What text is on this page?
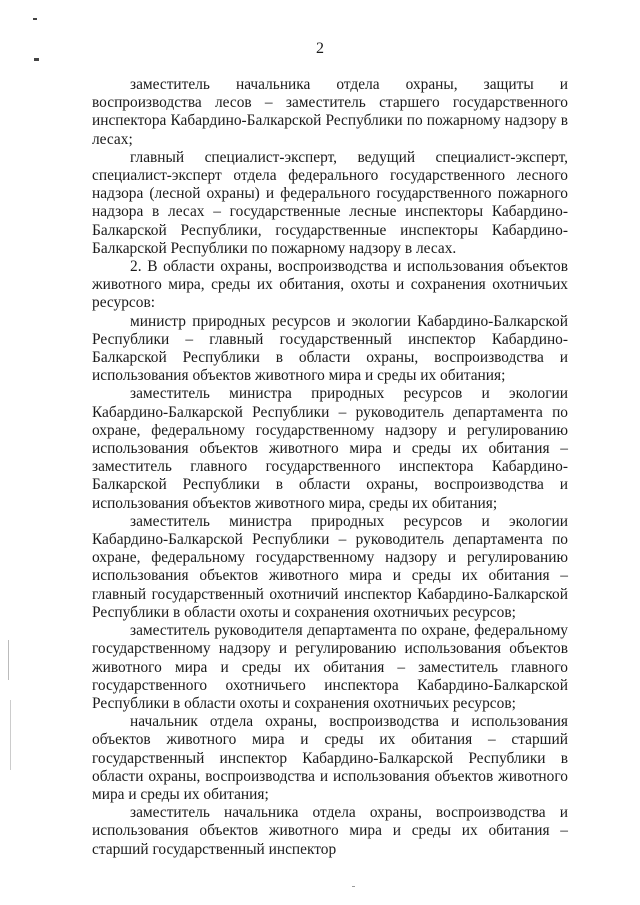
2

заместитель начальника отдела охраны, защиты и воспроизводства лесов – заместитель старшего государственного инспектора Кабардино-Балкарской Республики по пожарному надзору в лесах;

главный специалист-эксперт, ведущий специалист-эксперт, специалист-эксперт отдела федерального государственного лесного надзора (лесной охраны) и федерального государственного пожарного надзора в лесах – государственные лесные инспекторы Кабардино-Балкарской Республики, государственные инспекторы Кабардино-Балкарской Республики по пожарному надзору в лесах.

2. В области охраны, воспроизводства и использования объектов животного мира, среды их обитания, охоты и сохранения охотничьих ресурсов:

министр природных ресурсов и экологии Кабардино-Балкарской Республики – главный государственный инспектор Кабардино-Балкарской Республики в области охраны, воспроизводства и использования объектов животного мира и среды их обитания;

заместитель министра природных ресурсов и экологии Кабардино-Балкарской Республики – руководитель департамента по охране, федеральному государственному надзору и регулированию использования объектов животного мира и среды их обитания – заместитель главного государственного инспектора Кабардино-Балкарской Республики в области охраны, воспроизводства и использования объектов животного мира, среды их обитания;

заместитель министра природных ресурсов и экологии Кабардино-Балкарской Республики – руководитель департамента по охране, федеральному государственному надзору и регулированию использования объектов животного мира и среды их обитания – главный государственный охотничий инспектор Кабардино-Балкарской Республики в области охоты и сохранения охотничьих ресурсов;

заместитель руководителя департамента по охране, федеральному государственному надзору и регулированию использования объектов животного мира и среды их обитания – заместитель главного государственного охотничьего инспектора Кабардино-Балкарской Республики в области охоты и сохранения охотничьих ресурсов;

начальник отдела охраны, воспроизводства и использования объектов животного мира и среды их обитания – старший государственный инспектор Кабардино-Балкарской Республики в области охраны, воспроизводства и использования объектов животного мира и среды их обитания;

заместитель начальника отдела охраны, воспроизводства и использования объектов животного мира и среды их обитания – старший государственный инспектор
